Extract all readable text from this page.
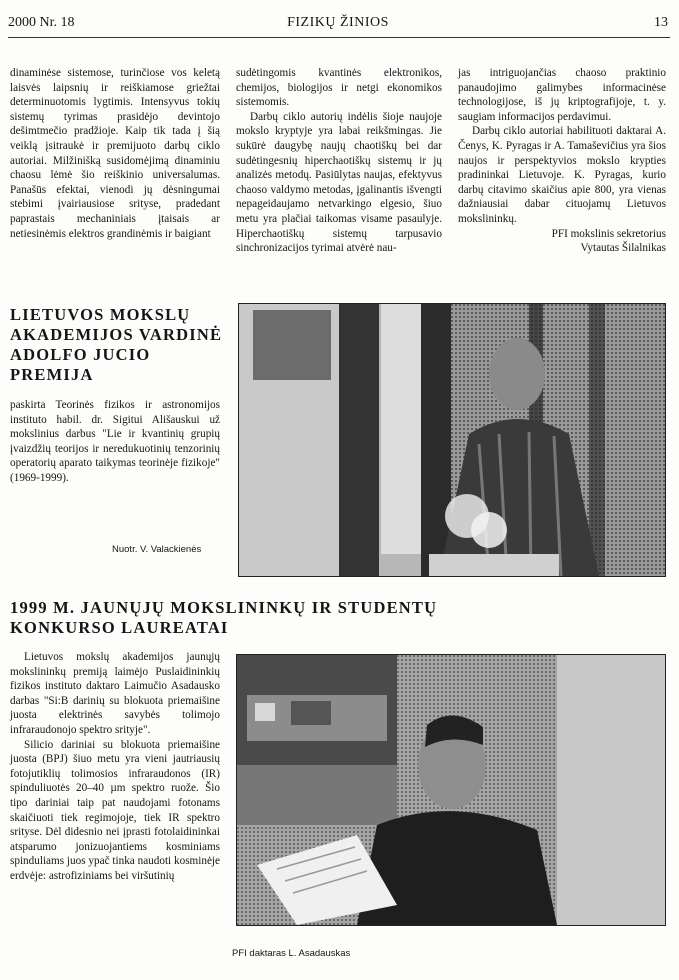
2000 Nr. 18	FIZIKŲ ŽINIOS	13

dinaminėse sistemose, turinčiose vos keletą laisvės laipsnių ir reiškiamose griežtai determinuotomis lygtimis. Intensyvus tokių sistemų tyrimas prasidėjo devintojo dešimtmečio pradžioje. Kaip tik tada į šią veiklą įsitraukė ir premijuoto darbų ciklo autoriai. Milžinišką susidomėjimą dinaminiu chaosu lėmė šio reiškinio universalumas. Panašūs efektai, vienodi jų dėsningumai stebimi įvairiausiose srityse, pradedant paprastais mechaniniais įtaisais ar netiesinėmis elektros grandinėmis ir baigiant

sudėtingomis kvantinės elektronikos, chemijos, biologijos ir netgi ekonomikos sistemomis.

Darbų ciklo autorių indėlis šioje naujoje mokslo kryptyje yra labai reikšmingas. Jie sukūrė daugybę naujų chaotiškų bei dar sudėtingesnių hiperchaotiškų sistemų ir jų analizės metodų. Pasiūlytas naujas, efektyvus chaoso valdymo metodas, įgalinantis išvengti nepageidaujamo netvarkingo elgesio, šiuo metu yra plačiai taikomas visame pasaulyje. Hiperchaotiškų sistemų tarpusavio sinchronizacijos tyrimai atvėrė nau-

jas intriguojančias chaoso praktinio panaudojimo galimybes informacinėse technologijose, iš jų kriptografijoje, t. y. saugiam informacijos perdavimui.

Darbų ciklo autoriai habilituoti daktarai A. Čenys, K. Pyragas ir A. Tamaševičius yra šios naujos ir perspektyvios mokslo krypties pradininkai Lietuvoje. K. Pyragas, kurio darbų citavimo skaičius apie 800, yra vienas dažniausiai dabar cituojamų Lietuvos mokslininkų.

PFI mokslinis sekretorius

Vytautas Šilalnikas

LIETUVOS MOKSLŲ
AKADEMIJOS VARDINĖ
ADOLFO JUCIO
PREMIJA

paskirta Teorinės fizikos ir astronomijos instituto habil. dr. Sigitui Ališauskui už mokslinius darbus "Lie ir kvantinių grupių įvaizdžių teorijos ir neredukuotinių tenzorinių operatorių aparato taikymas teorinėje fizikoje" (1969-1999).

Nuotr. V. Valackienės
1999 M. JAUNŲJŲ MOKSLININKŲ IR STUDENTŲ
KONKURSO LAUREATAI

Lietuvos mokslų akademijos jaunųjų mokslininkų premiją laimėjo Puslaidininkių fizikos instituto daktaro Laimučio Asadausko darbas "Si:B darinių su blokuota priemaišine juosta elektrinės savybės tolimojo infraraudonojo spektro srityje".

Silicio dariniai su blokuota priemaišine juosta (BPJ) šiuo metu yra vieni jautriausių fotojutiklių tolimosios infraraudonos (IR) spinduliuotės 20–40 µm spektro ruože. Šio tipo dariniai taip pat naudojami fotonams skaičiuoti tiek regimojoje, tiek IR spektro srityse. Dėl didesnio nei įprasti fotolaidininkai atsparumo jonizuojantiems kosminiams spinduliams juos ypač tinka naudoti kosminėje erdvėje: astrofiziniams bei viršutinių

PFI daktaras L. Asadauskas
